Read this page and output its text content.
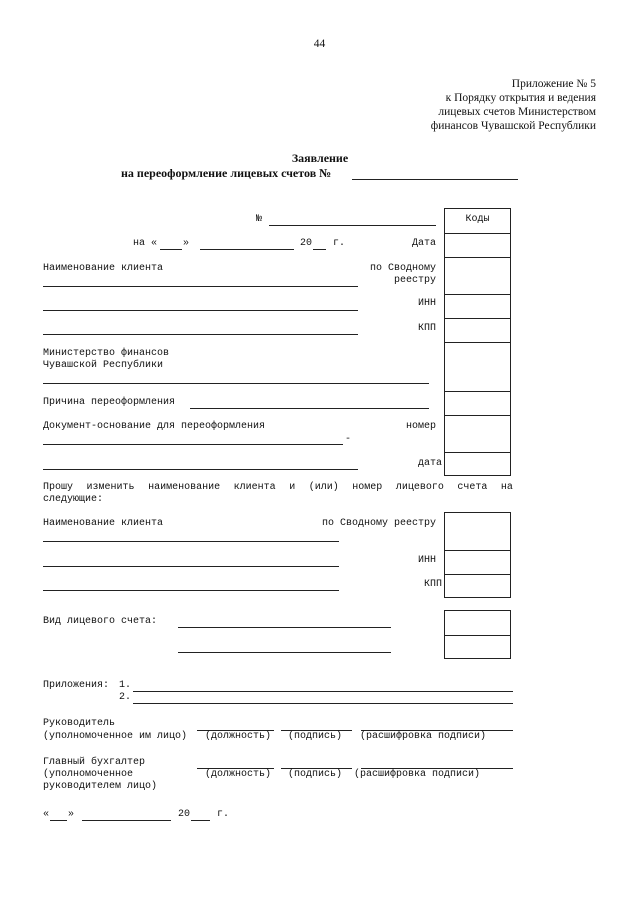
44
Приложение № 5
к Порядку открытия и ведения
лицевых счетов Министерством
финансов Чувашской Республики
Заявление
на переоформление лицевых счетов №
Коды
№
на «	»	20 г.	Дата
Наименование клиента	по Сводному
реестру
ИНН
КПП
Министерство финансов
Чувашской Республики
Причина переоформления
Документ-основание для переоформления	номер
-
дата
Прошу изменить наименование клиента и (или) номер лицевого счета на
следующие:
Наименование клиента	по Сводному реестру
ИНН
КПП
Вид лицевого счета:
Приложения: 1.
2.
Руководитель
(уполномоченное им лицо) (должность) (подпись) (расшифровка подписи)
Главный бухгалтер
(уполномоченное	(должность) (подпись) (расшифровка подписи)
руководителем лицо)
« »	20	г.
